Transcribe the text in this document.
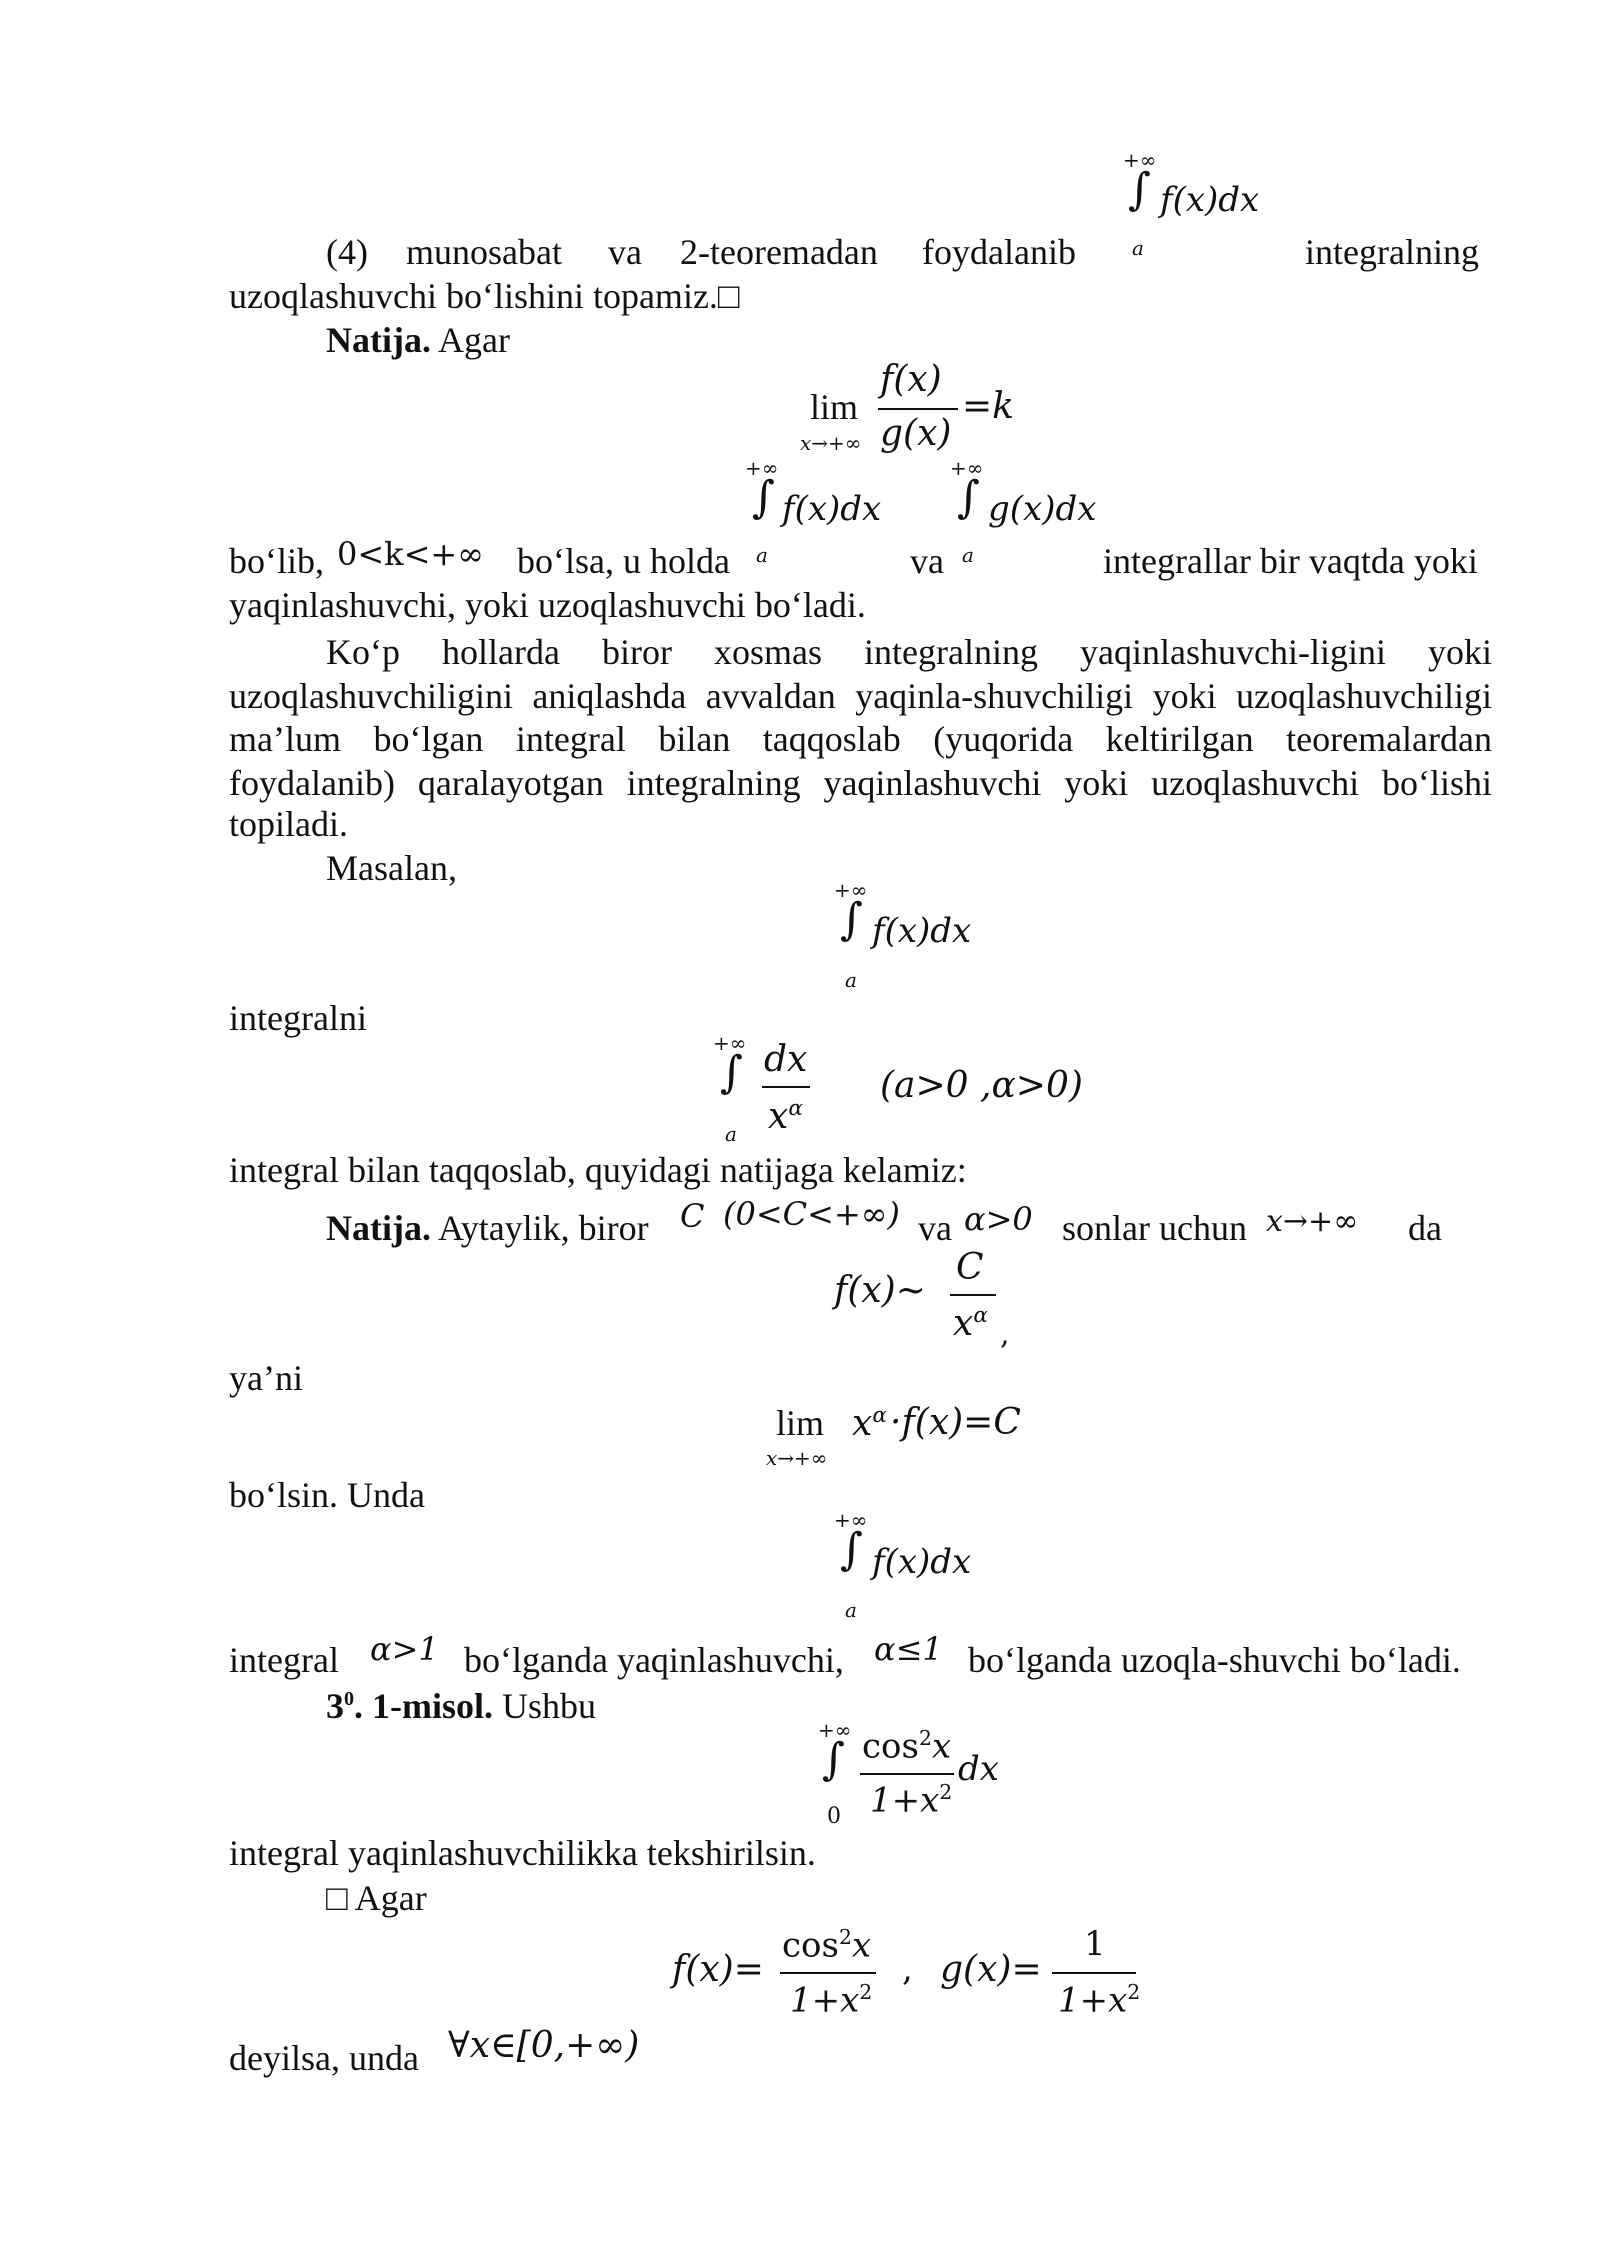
+∞
∫ f(x)dx
a
(4) munosabat va 2-teoremadan foydalanib	integralning
uzoqlashuvchi bo‘lishini topamiz.□
Natija. Agar
lim
x→+∞
f(x)
g(x)
=k
+∞
∫ f(x)dx
a
+∞
∫ g(x)dx
a
bo‘lib, 0<k<+∞ bo‘lsa, u holda	va	integrallar bir vaqtda yoki
yaqinlashuvchi, yoki uzoqlashuvchi bo‘ladi.
Ko‘p hollarda biror xosmas integralning yaqinlashuvchi-ligini yoki
uzoqlashuvchiligini aniqlashda avvaldan yaqinla-shuvchiligi yoki uzoqlashuvchiligi
ma’lum bo‘lgan integral bilan taqqoslab (yuqorida keltirilgan teoremalardan
foydalanib) qaralayotgan integralning yaqinlashuvchi yoki uzoqlashuvchi bo‘lishi
topiladi.
Masalan,
+∞
∫ f(x)dx
a
integralni
+∞
∫
a
dx
$x^\alpha$
(a>0 ,α>0)
integral bilan taqqoslab, quyidagi natijaga kelamiz:
Natija. Aytaylik, biror C (0<C<+∞) va α>0 sonlar uchun x→+∞ da
f(x)~
C
$x^\alpha$
,
ya’ni
lim
x→+∞
$x^\alpha \cdot f(x)=C$
bo‘lsin. Unda
+∞
∫ f(x)dx
a
integral α>1 bo‘lganda yaqinlashuvchi, α≤1 bo‘lganda uzoqla-shuvchi bo‘ladi.
$3^0$. 1-misol. Ushbu
+∞
∫
0
$\cos^2x$
$1+x^2$
dx
integral yaqinlashuvchilikka tekshirilsin.
□ Agar
f(x)=
$\cos^2x$
$1+x^2$
, g(x)=
1
$1+x^2$
deyilsa, unda ∀x∈[0,+∞)
